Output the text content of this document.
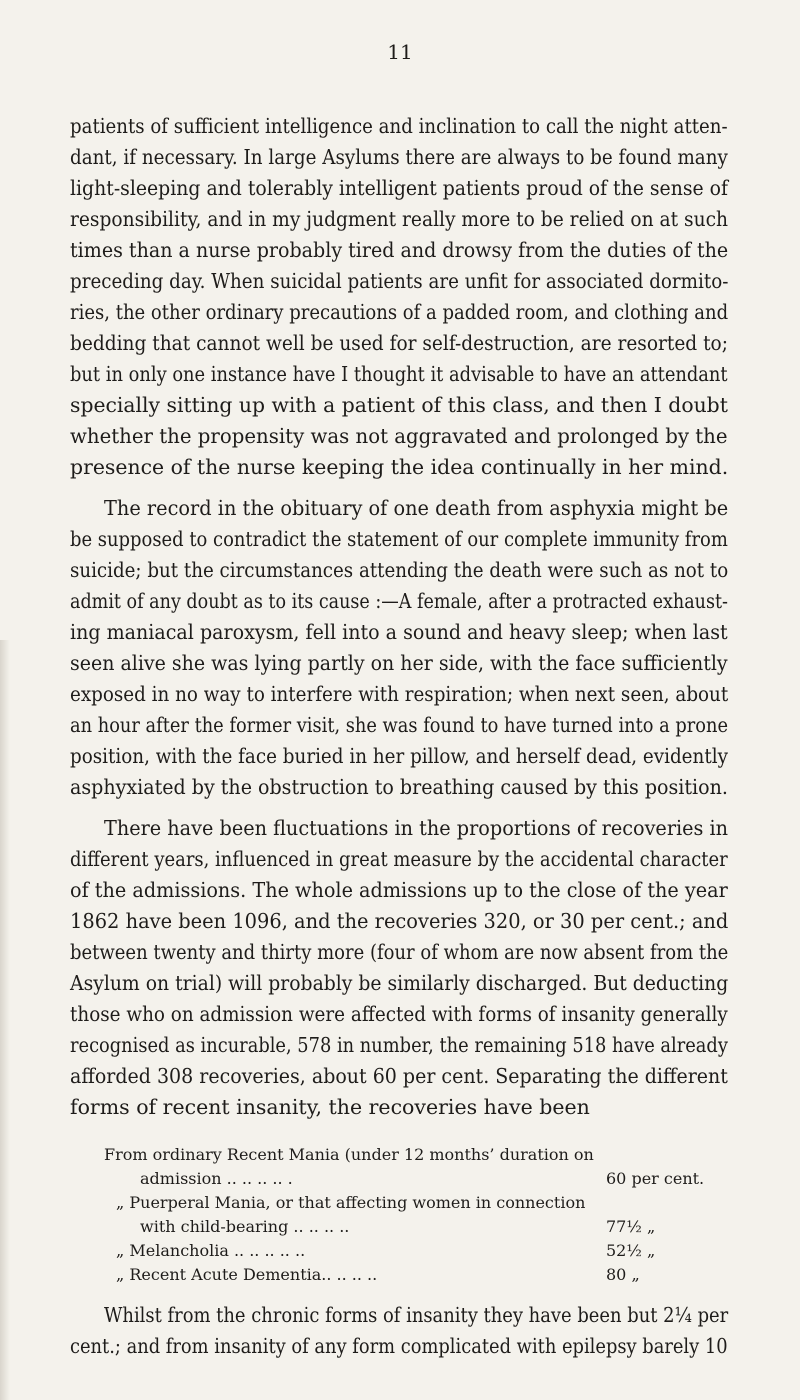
11
patients of sufficient intelligence and inclination to call the night atten-
dant, if necessary. In large Asylums there are always to be found many
light-sleeping and tolerably intelligent patients proud of the sense of
responsibility, and in my judgment really more to be relied on at such
times than a nurse probably tired and drowsy from the duties of the
preceding day. When suicidal patients are unfit for associated dormito-
ries, the other ordinary precautions of a padded room, and clothing and
bedding that cannot well be used for self-destruction, are resorted to;
but in only one instance have I thought it advisable to have an attendant
specially sitting up with a patient of this class, and then I doubt
whether the propensity was not aggravated and prolonged by the
presence of the nurse keeping the idea continually in her mind.
The record in the obituary of one death from asphyxia might be
be supposed to contradict the statement of our complete immunity from
suicide; but the circumstances attending the death were such as not to
admit of any doubt as to its cause :—A female, after a protracted exhaust-
ing maniacal paroxysm, fell into a sound and heavy sleep; when last
seen alive she was lying partly on her side, with the face sufficiently
exposed in no way to interfere with respiration; when next seen, about
an hour after the former visit, she was found to have turned into a prone
position, with the face buried in her pillow, and herself dead, evidently
asphyxiated by the obstruction to breathing caused by this position.
There have been fluctuations in the proportions of recoveries in
different years, influenced in great measure by the accidental character
of the admissions. The whole admissions up to the close of the year
1862 have been 1096, and the recoveries 320, or 30 per cent.; and
between twenty and thirty more (four of whom are now absent from the
Asylum on trial) will probably be similarly discharged. But deducting
those who on admission were affected with forms of insanity generally
recognised as incurable, 578 in number, the remaining 518 have already
afforded 308 recoveries, about 60 per cent. Separating the different
forms of recent insanity, the recoveries have been
From ordinary Recent Mania (under 12 months’ duration on
admission .. .. .. .. .	60 per cent.
„ Puerperal Mania, or that affecting women in connection
with child-bearing .. .. .. ..	77½ „
„ Melancholia .. .. .. .. ..	52½ „
„ Recent Acute Dementia.. .. .. ..	80 „
Whilst from the chronic forms of insanity they have been but 2¼ per
cent.; and from insanity of any form complicated with epilepsy barely 10
